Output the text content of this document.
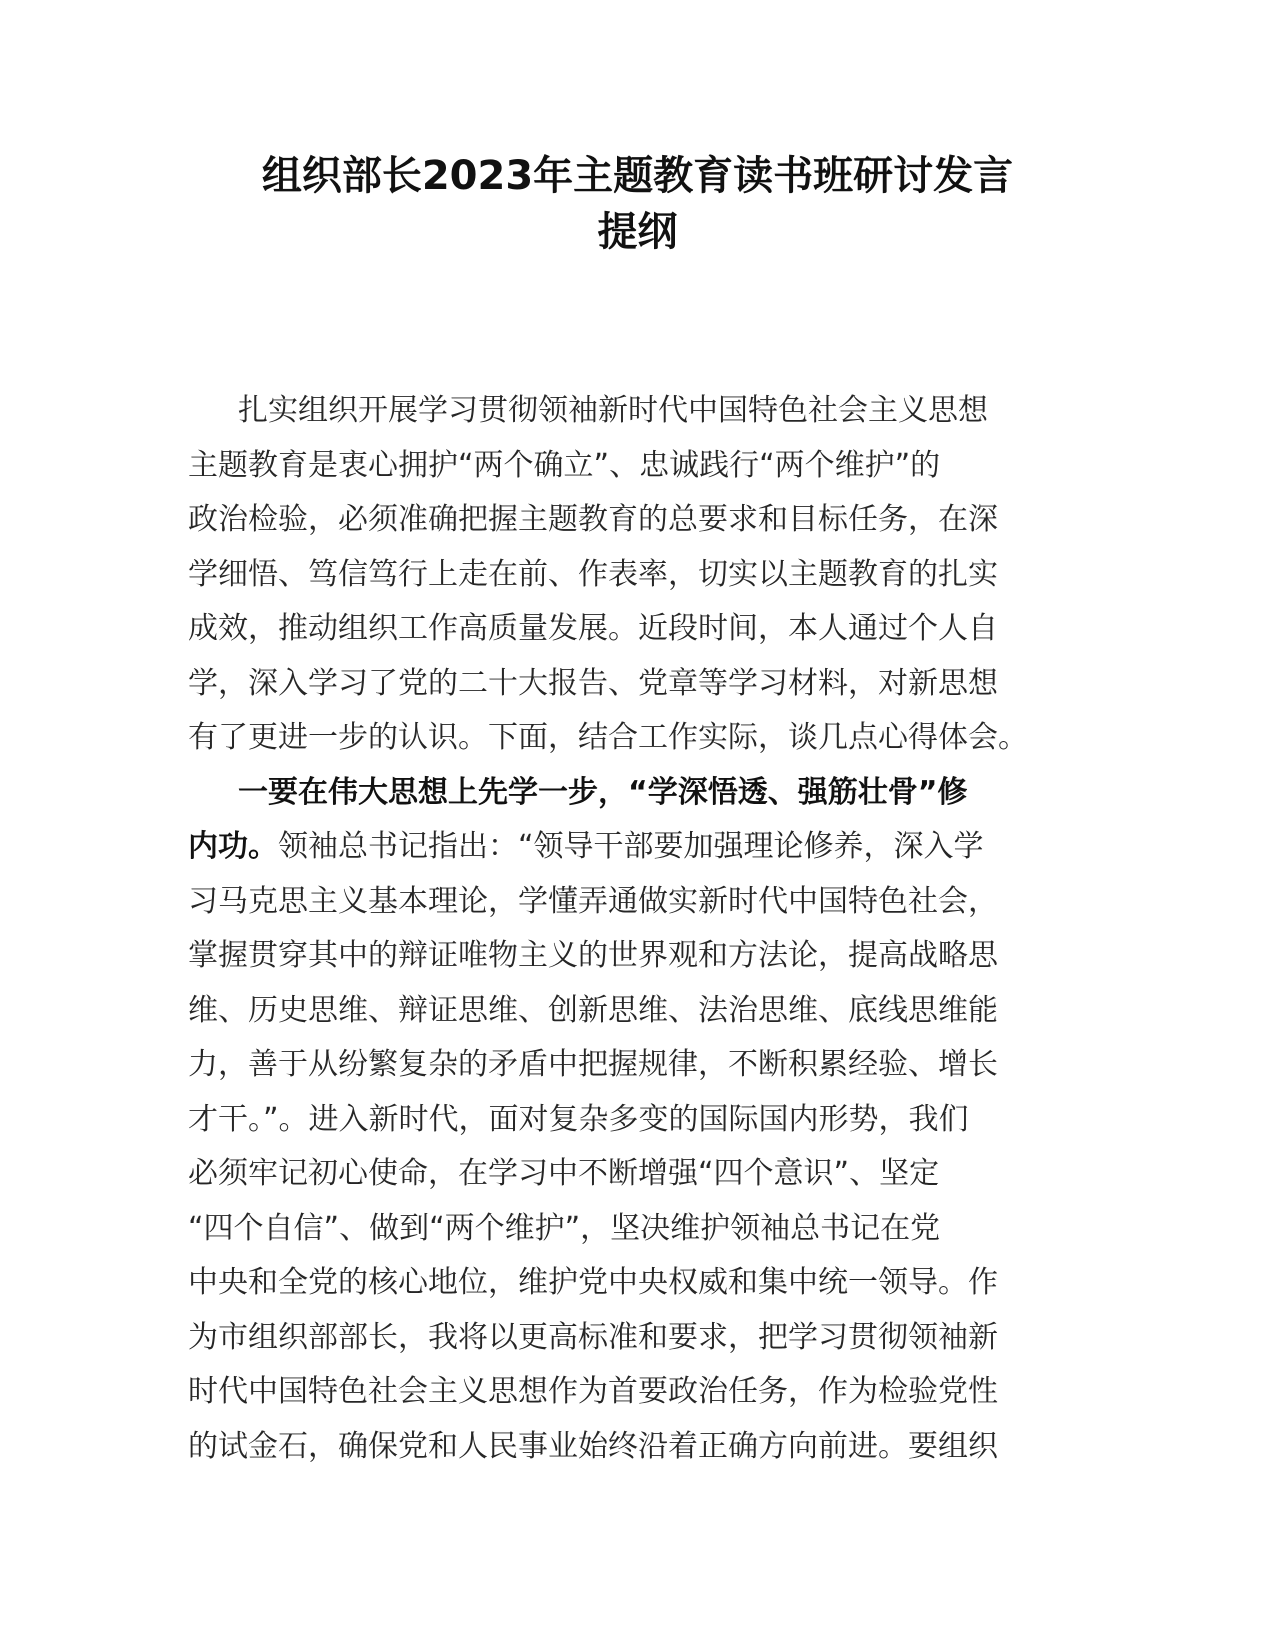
组织部长2023年主题教育读书班研讨发言
提纲
扎实组织开展学习贯彻领袖新时代中国特色社会主义思想
主题教育是衷心拥护“两个确立”、忠诚践行“两个维护”的
政治检验，必须准确把握主题教育的总要求和目标任务，在深
学细悟、笃信笃行上走在前、作表率，切实以主题教育的扎实
成效，推动组织工作高质量发展。近段时间，本人通过个人自
学，深入学习了党的二十大报告、党章等学习材料，对新思想
有了更进一步的认识。下面，结合工作实际，谈几点心得体会。
一要在伟大思想上先学一步，“学深悟透、强筋壮骨”修
内功。领袖总书记指出：“领导干部要加强理论修养，深入学
习马克思主义基本理论，学懂弄通做实新时代中国特色社会，
掌握贯穿其中的辩证唯物主义的世界观和方法论，提高战略思
维、历史思维、辩证思维、创新思维、法治思维、底线思维能
力，善于从纷繁复杂的矛盾中把握规律，不断积累经验、增长
才干。”。进入新时代，面对复杂多变的国际国内形势，我们
必须牢记初心使命，在学习中不断增强“四个意识”、坚定
“四个自信”、做到“两个维护”，坚决维护领袖总书记在党
中央和全党的核心地位，维护党中央权威和集中统一领导。作
为市组织部部长，我将以更高标准和要求，把学习贯彻领袖新
时代中国特色社会主义思想作为首要政治任务，作为检验党性
的试金石，确保党和人民事业始终沿着正确方向前进。要组织
